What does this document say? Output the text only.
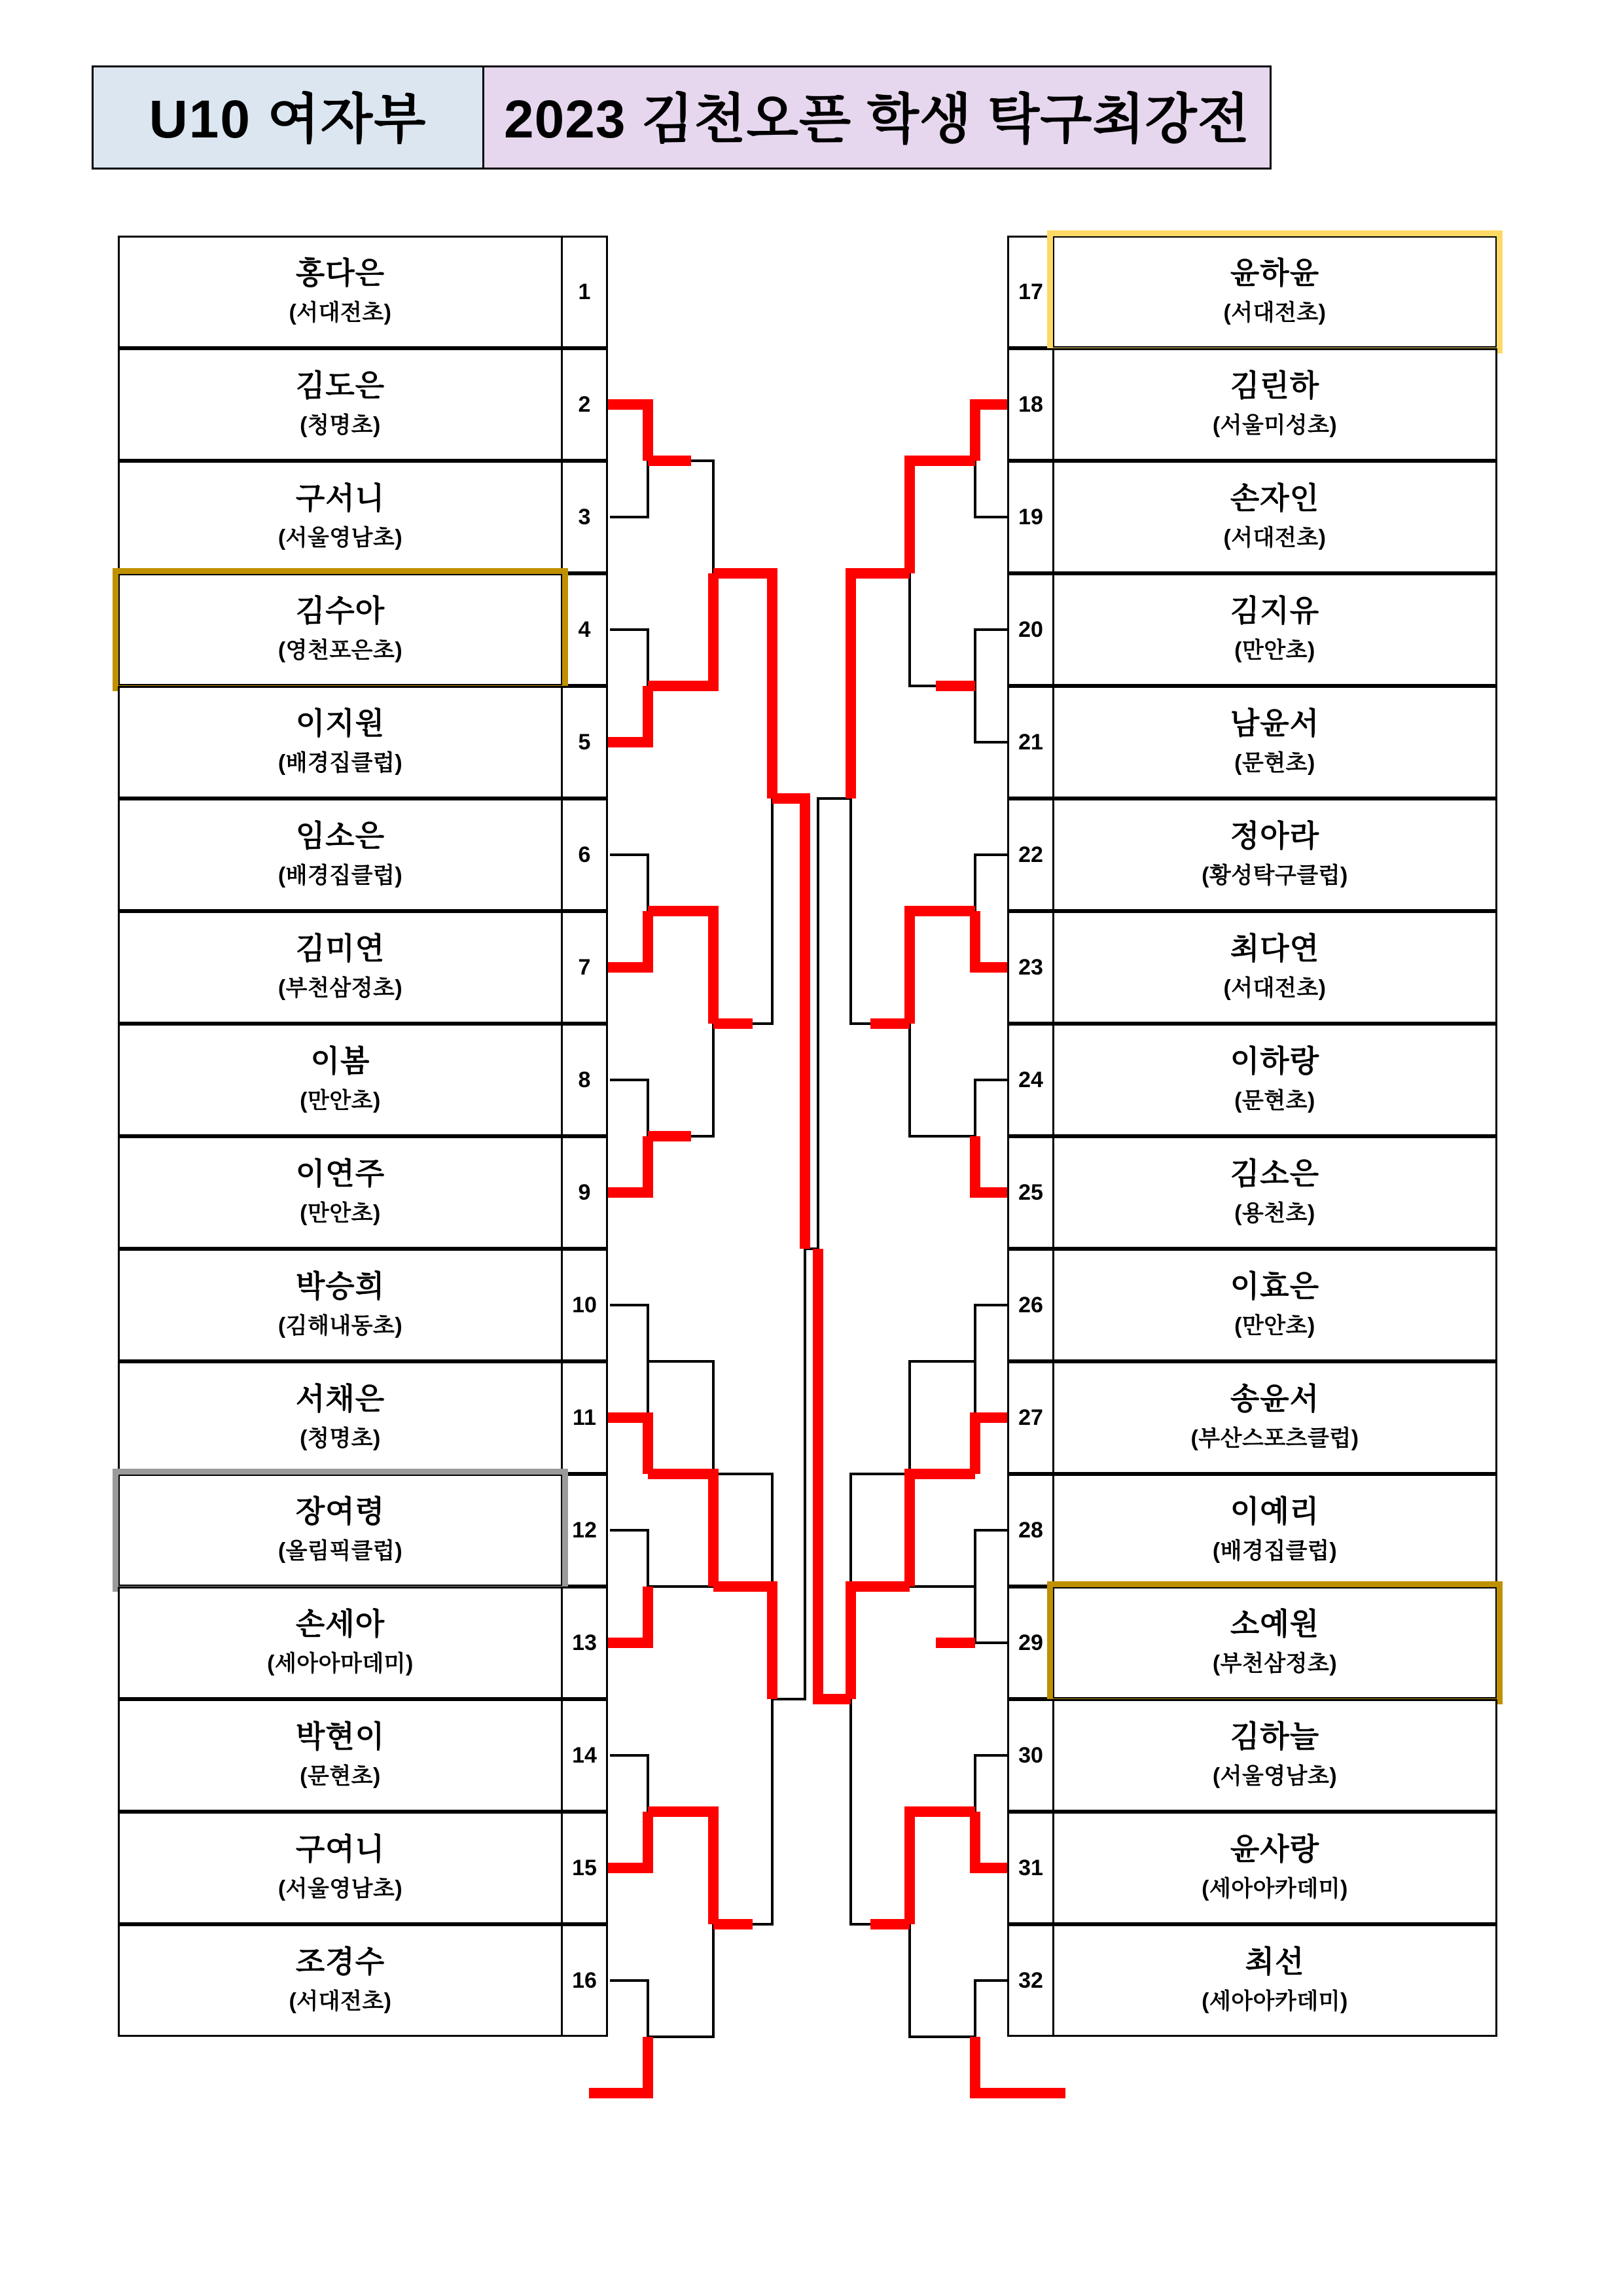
U10 여자부	2023 김천오픈 학생 탁구최강전
홍다은
(서대전초)
1
김도은
(청명초)
2
구서니
(서울영남초)
3
김수아
(영천포은초)
4
이지원
(배경집클럽)
5
임소은
(배경집클럽)
6
김미연
(부천삼정초)
7
이봄
(만안초)
8
이연주
(만안초)
9
박승희
(김해내동초)
10
서채은
(청명초)
11
장여령
(올림픽클럽)
12
손세아
(세아아마데미)
13
박현이
(문현초)
14
구여니
(서울영남초)
15
조경수
(서대전초)
16
윤하윤
(서대전초)
17
김린하
(서울미성초)
18
손자인
(서대전초)
19
김지유
(만안초)
20
남윤서
(문현초)
21
정아라
(황성탁구클럽)
22
최다연
(서대전초)
23
이하랑
(문현초)
24
김소은
(용천초)
25
이효은
(만안초)
26
송윤서
(부산스포츠클럽)
27
이예리
(배경집클럽)
28
소예원
(부천삼정초)
29
김하늘
(서울영남초)
30
윤사랑
(세아아카데미)
31
최선
(세아아카데미)
32
